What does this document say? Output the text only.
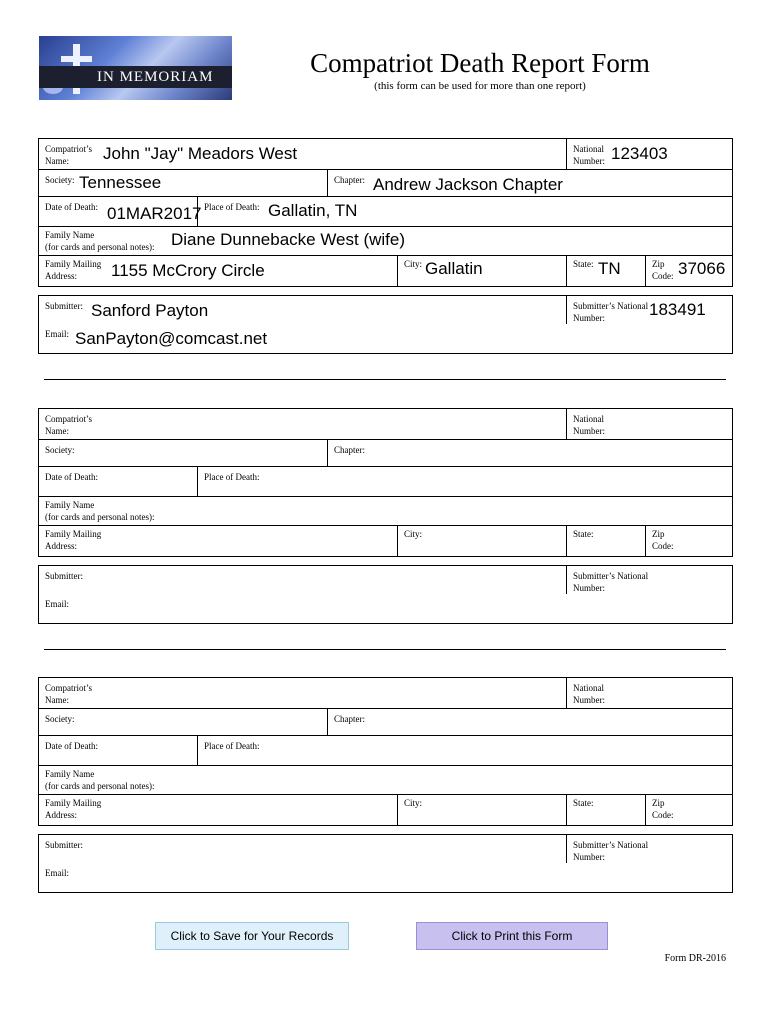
IN MEMORIAM	Compatriot Death Report Form
(this form can be used for more than one report)
Compatriot’s Name:	John "Jay" Meadors West	National Number: 123403
Society: Tennessee	Chapter: Andrew Jackson Chapter
Date of Death: 01MAR2017 Place of Death: Gallatin, TN
Family Name
(for cards and personal notes): Diane Dunnebacke West (wife)
Family Mailing Address:	1155 McCrory Circle	City: Gallatin	State: TN	Zip Code: 37066
Submitter: Sanford Payton	Submitter’s National Number:	183491
Email: SanPayton@comcast.net
Compatriot’s Name:
National Number:
Society:	Chapter:
Date of Death:	Place of Death:
Family Name
(for cards and personal notes):
Family Mailing Address:
City:	State:	Zip Code:
Submitter:	Submitter’s National Number:
Email:
Compatriot’s Name:
National Number:
Society:	Chapter:
Date of Death:	Place of Death:
Family Name
(for cards and personal notes):
Family Mailing Address:
City:	State:	Zip Code:
Submitter:	Submitter’s National Number:
Email:
Click to Save for Your Records	Click to Print this Form
Form DR-2016
